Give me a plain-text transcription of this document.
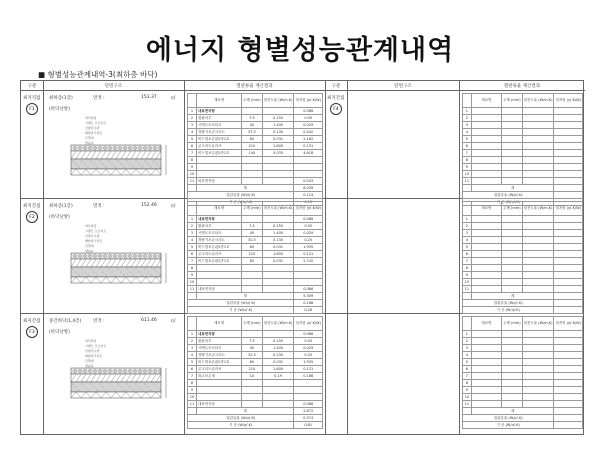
에너지 형별성능관계내역
■ 형별성능관계내역-3(최하층 바닥)
구분	단면구조	열관류율 계산결과	구분	단면구조	열관류율 계산결과
최지직접
F1
최하층(1층)	면적 :	153.37	㎡
(바닥난방)
바닥마감
시멘트 모르타르
난방온수관
배합콘크리트
단열재
방습층
	재료명	두께 (mm)	열전도율 (W/m.K)	열저항 (㎡.K/W)
1	내표면저항			0.086
2	합판마루	7.5	0.150	0.05
3	시멘트모르타르	40	1.400	0.029
4	경량기포콘크리트	37.5	0.130	0.442
5	비드법보온판2종1호	65	0.031	2.162
6	콘크리트슬라브	210	1.600	0.131
7	비드법보온판2종1호	140	0.033	4.618
8				
9				
10				
11	외표면저항			0.043
	계			8.039
열관류율 (W/㎡.K)				0.124
기 준 (W/㎡.K)				0.15
최지간접
F2
최하층(1층)	면적 :	152.46	㎡
(바닥난방)
바닥마감
시멘트 모르타르
난방온수관
배합콘크리트
단열재
방습층
	재료명	두께 (mm)	열전도율 (W/m.K)	열저항 (㎡.K/W)
1	내표면저항			0.086
2	합판마루	7.5	0.150	0.05
3	시멘트모르타르	40	1.400	0.029
4	경량기포콘크리트	32.5	0.130	0.25
5	비드법보온판2종1호	60	0.031	1.935
6	콘크리트슬라브	210	1.600	0.131
7	비드법보온판2종1호	85	0.031	2.742
8				
9				
10				
11	내표면저항			0.086
	계			5.309
열관류율 (W/㎡.K)				0.188
기 준 (W/㎡.K)				0.26
최지간접
F3
중간바닥(1,4층)	면적 :	611.46	㎡
(바닥난방)
바닥마감
시멘트 모르타르
난방온수관
배합콘크리트
단열재
방습층
	재료명	두께 (mm)	열전도율 (W/m.K)	열저항 (㎡.K/W)
1	내표면저항			0.086
2	합판마루	7.5	0.150	0.05
3	시멘트모르타르	40	1.400	0.029
4	경량기포콘크리트	32.5	0.130	0.25
5	비드법보온판2종1호	60	0.031	1.935
6	콘크리트슬라브	210	1.600	0.131
7	복고보온재	10	0.19	0.186
8				
9				
10				
11	내표면저항			0.086
	계			2.672
열관류율 (W/㎡.K)				0.374
기 준 (W/㎡.K)				0.81
최지간접
F4
	재료명	두께 (mm)	열전도율 (W/m.K)	열저항 (㎡.K/W)
1				
2				
3				
4				
5				
6				
7				
8				
9				
10				
11				
	계			
열관류율 (W/㎡.K)				
기 준 (W/㎡.K)				
	재료명	두께 (mm)	열전도율 (W/m.K)	열저항 (㎡.K/W)
1				
2				
3				
4				
5				
6				
7				
8				
9				
10				
11				
	계			
열관류율 (W/㎡.K)				
기 준 (W/㎡.K)				
	재료명	두께 (mm)	열전도율 (W/m.K)	열저항 (㎡.K/W)
1				
2				
3				
4				
5				
6				
7				
8				
9				
10				
11				
	계			
열관류율 (W/㎡.K)				
기 준 (W/㎡.K)				
